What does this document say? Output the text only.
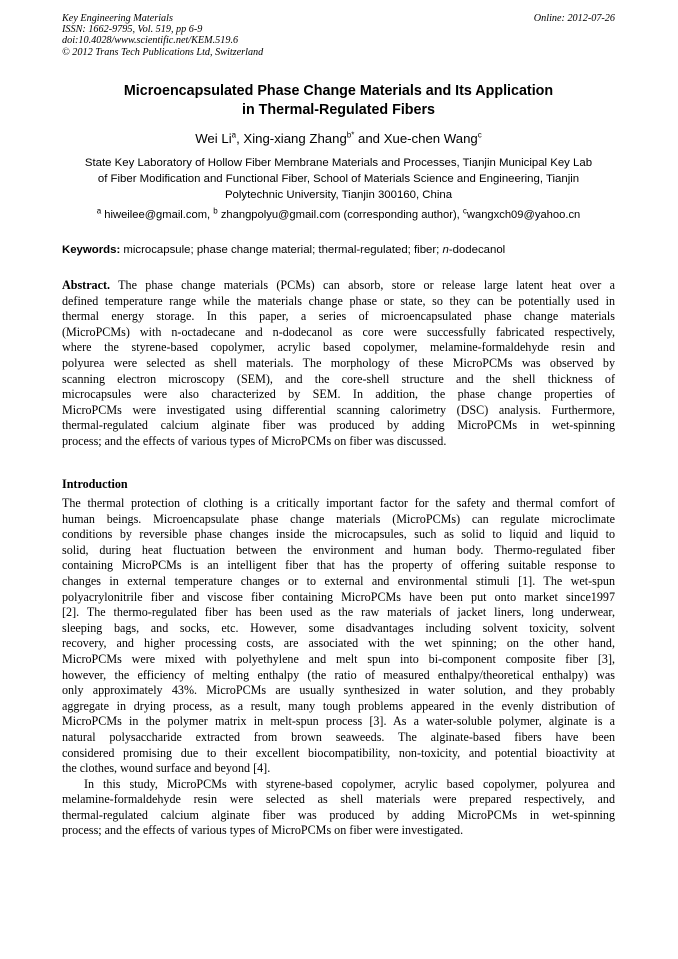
Key Engineering Materials
ISSN: 1662-9795, Vol. 519, pp 6-9
doi:10.4028/www.scientific.net/KEM.519.6
© 2012 Trans Tech Publications Ltd, Switzerland
Online: 2012-07-26
Microencapsulated Phase Change Materials and Its Application
in Thermal-Regulated Fibers
Wei Li$^a$, Xing-xiang Zhang$^{b*}$ and Xue-chen Wang$^c$
State Key Laboratory of Hollow Fiber Membrane Materials and Processes, Tianjin Municipal Key Lab
of Fiber Modification and Functional Fiber, School of Materials Science and Engineering, Tianjin
Polytechnic University, Tianjin 300160, China
$^a$ hiweilee@gmail.com, $^b$ zhangpolyu@gmail.com (corresponding author), $^c$wangxch09@yahoo.cn
Keywords: microcapsule; phase change material; thermal-regulated; fiber; n-dodecanol
Abstract. The phase change materials (PCMs) can absorb, store or release large latent heat over a
defined temperature range while the materials change phase or state, so they can be potentially used in
thermal energy storage. In this paper, a series of microencapsulated phase change materials
(MicroPCMs) with n-octadecane and n-dodecanol as core were successfully fabricated respectively,
where the styrene-based copolymer, acrylic based copolymer, melamine-formaldehyde resin and
polyurea were selected as shell materials. The morphology of these MicroPCMs was observed by
scanning electron microscopy (SEM), and the core-shell structure and the shell thickness of
microcapsules were also characterized by SEM. In addition, the phase change properties of
MicroPCMs were investigated using differential scanning calorimetry (DSC) analysis. Furthermore,
thermal-regulated calcium alginate fiber was produced by adding MicroPCMs in wet-spinning
process; and the effects of various types of MicroPCMs on fiber was discussed.
Introduction
The thermal protection of clothing is a critically important factor for the safety and thermal comfort of
human beings. Microencapsulate phase change materials (MicroPCMs) can regulate microclimate
conditions by reversible phase changes inside the microcapsules, such as solid to liquid and liquid to
solid, during heat fluctuation between the environment and human body. Thermo-regulated fiber
containing MicroPCMs is an intelligent fiber that has the property of offering suitable response to
changes in external temperature changes or to external and environmental stimuli [1]. The wet-spun
polyacrylonitrile fiber and viscose fiber containing MicroPCMs have been put onto market since1997
[2]. The thermo-regulated fiber has been used as the raw materials of jacket liners, long underwear,
sleeping bags, and socks, etc. However, some disadvantages including solvent toxicity, solvent
recovery, and higher processing costs, are associated with the wet spinning; on the other hand,
MicroPCMs were mixed with polyethylene and melt spun into bi-component composite fiber [3],
however, the efficiency of melting enthalpy (the ratio of measured enthalpy/theoretical enthalpy) was
only approximately 43%. MicroPCMs are usually synthesized in water solution, and they probably
aggregate in drying process, as a result, many tough problems appeared in the evenly distribution of
MicroPCMs in the polymer matrix in melt-spun process [3]. As a water-soluble polymer, alginate is a
natural polysaccharide extracted from brown seaweeds. The alginate-based fibers have been
considered promising due to their excellent biocompatibility, non-toxicity, and potential bioactivity at
the clothes, wound surface and beyond [4].
In this study, MicroPCMs with styrene-based copolymer, acrylic based copolymer, polyurea and
melamine-formaldehyde resin were selected as shell materials were prepared respectively, and
thermal-regulated calcium alginate fiber was produced by adding MicroPCMs in wet-spinning
process; and the effects of various types of MicroPCMs on fiber were investigated.
